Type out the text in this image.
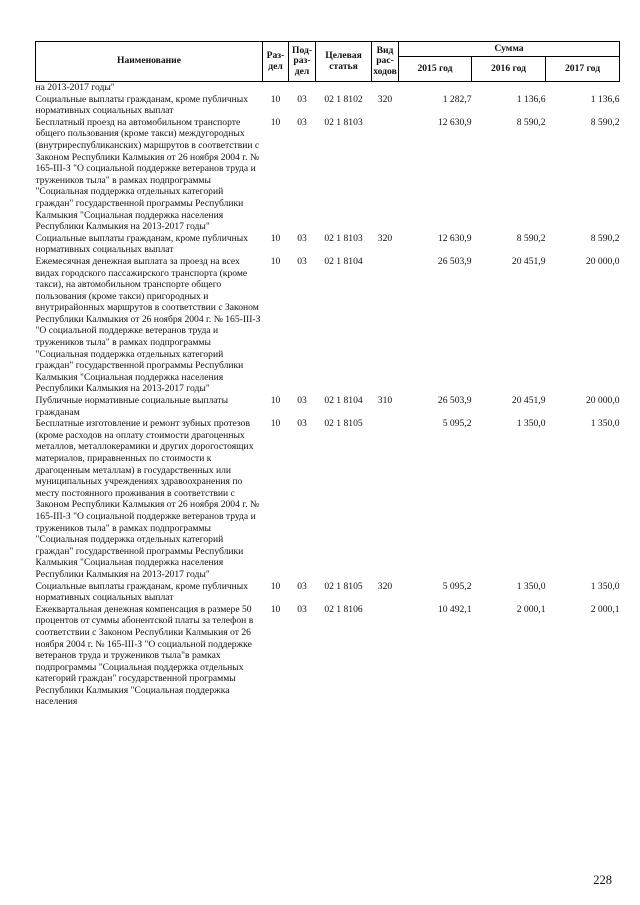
Наименование	Раз-дел	Под-раз-дел	Целевая статья	Вид рас-ходов	Сумма		
					2015 год	2016 год	2017 год
на 2013-2017 годы"							
Социальные выплаты гражданам, кроме публичных нормативных социальных выплат	10	03	02 1 8102	320	1 282,7	1 136,6	1 136,6
Бесплатный проезд на автомобильном транспорте общего пользования (кроме такси) междугородных (внутриреспубликанских) маршрутов в соответствии с Законом Республики Калмыкия от 26 ноября 2004 г. № 165-III-З "О социальной поддержке ветеранов труда и тружеников тыла" в рамках подпрограммы "Социальная поддержка отдельных категорий граждан" государственной программы Республики Калмыкия "Социальная поддержка населения Республики Калмыкия на 2013-2017 годы"	10	03	02 1 8103		12 630,9	8 590,2	8 590,2
Социальные выплаты гражданам, кроме публичных нормативных социальных выплат	10	03	02 1 8103	320	12 630,9	8 590,2	8 590,2
Ежемесячная денежная выплата за проезд на всех видах городского пассажирского транспорта (кроме такси), на автомобильном транспорте общего пользования (кроме такси) пригородных и внутрирайонных маршрутов в соответствии с Законом Республики Калмыкия от 26 ноября 2004 г. № 165-III-З "О социальной поддержке ветеранов труда и тружеников тыла" в рамках подпрограммы "Социальная поддержка отдельных категорий граждан" государственной программы Республики Калмыкия "Социальная поддержка населения Республики Калмыкия на 2013-2017 годы"	10	03	02 1 8104		26 503,9	20 451,9	20 000,0
Публичные нормативные социальные выплаты гражданам	10	03	02 1 8104	310	26 503,9	20 451,9	20 000,0
Бесплатные изготовление и ремонт зубных протезов (кроме расходов на оплату стоимости драгоценных металлов, металлокерамики и других дорогостоящих материалов, приравненных по стоимости к драгоценным металлам) в государственных или муниципальных учреждениях здравоохранения по месту постоянного проживания в соответствии с Законом Республики Калмыкия от 26 ноября 2004 г. № 165-III-З "О социальной поддержке ветеранов труда и тружеников тыла" в рамках подпрограммы "Социальная поддержка отдельных категорий граждан" государственной программы Республики Калмыкия "Социальная поддержка населения Республики Калмыкия на 2013-2017 годы"	10	03	02 1 8105		5 095,2	1 350,0	1 350,0
Социальные выплаты гражданам, кроме публичных нормативных социальных выплат	10	03	02 1 8105	320	5 095,2	1 350,0	1 350,0
Ежеквартальная денежная компенсация в размере 50 процентов от суммы абонентской платы за телефон в соответствии с Законом Республики Калмыкия от 26 ноября 2004 г. № 165-III-З "О социальной поддержке ветеранов труда и тружеников тыла"в рамках подпрограммы "Социальная поддержка отдельных категорий граждан" государственной программы Республики Калмыкия "Социальная поддержка населения	10	03	02 1 8106		10 492,1	2 000,1	2 000,1
228
